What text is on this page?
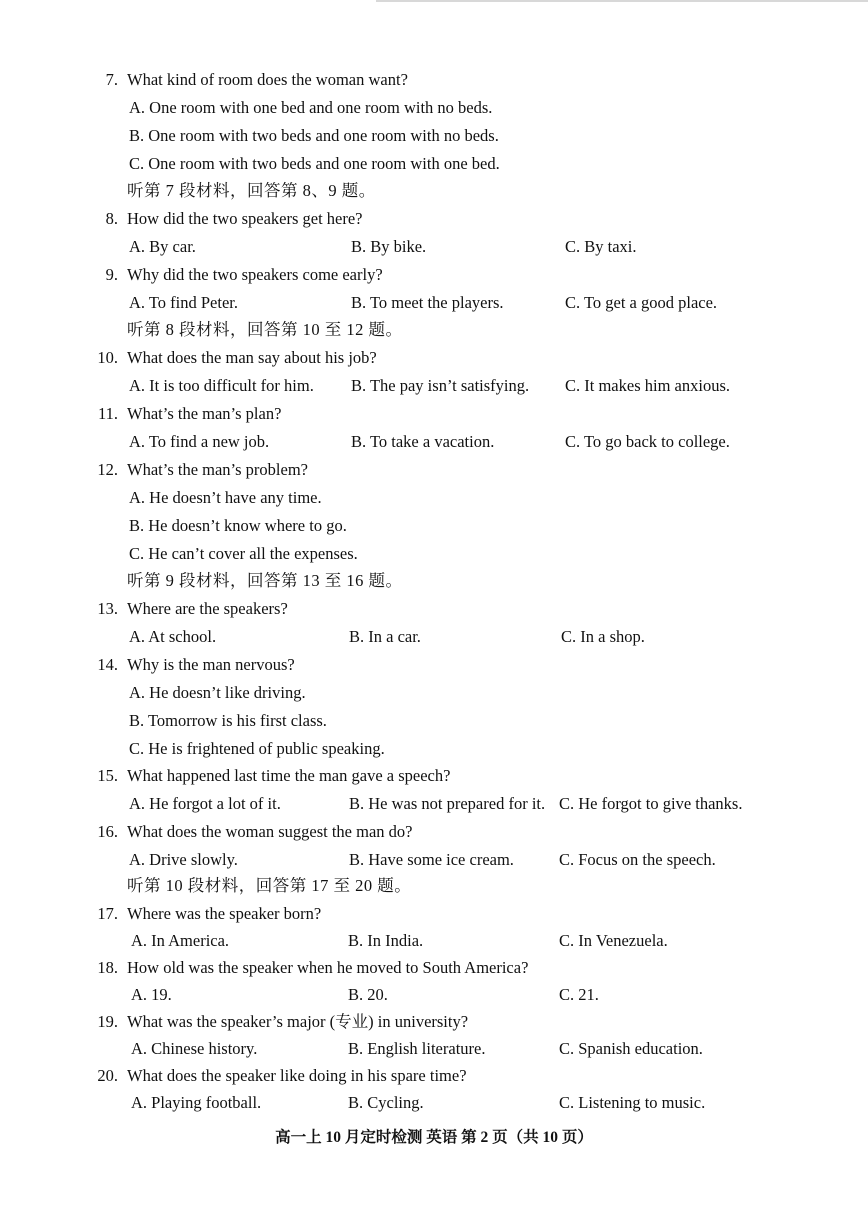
7. What kind of room does the woman want?
A. One room with one bed and one room with no beds.
B. One room with two beds and one room with no beds.
C. One room with two beds and one room with one bed.
听第 7 段材料，回答第 8、9 题。
8. How did the two speakers get here?
A. By car.	B. By bike.	C. By taxi.
9. Why did the two speakers come early?
A. To find Peter.	B. To meet the players.	C. To get a good place.
听第 8 段材料，回答第 10 至 12 题。
10. What does the man say about his job?
A. It is too difficult for him. B. The pay isn’t satisfying. C. It makes him anxious.
11. What’s the man’s plan?
A. To find a new job.	B. To take a vacation.	C. To go back to college.
12. What’s the man’s problem?
A. He doesn’t have any time.
B. He doesn’t know where to go.
C. He can’t cover all the expenses.
听第 9 段材料，回答第 13 至 16 题。
13. Where are the speakers?
A. At school.	B. In a car.	C. In a shop.
14. Why is the man nervous?
A. He doesn’t like driving.
B. Tomorrow is his first class.
C. He is frightened of public speaking.
15. What happened last time the man gave a speech?
A. He forgot a lot of it.	B. He was not prepared for it. C. He forgot to give thanks.
16. What does the woman suggest the man do?
A. Drive slowly.	B. Have some ice cream.	C. Focus on the speech.
听第 10 段材料，回答第 17 至 20 题。
17. Where was the speaker born?
A. In America.	B. In India.	C. In Venezuela.
18. How old was the speaker when he moved to South America?
A. 19.	B. 20.	C. 21.
19. What was the speaker’s major (专业) in university?
A. Chinese history.	B. English literature.	C. Spanish education.
20. What does the speaker like doing in his spare time?
A. Playing football.	B. Cycling.	C. Listening to music.
高一上 10 月定时检测 英语 第 2 页（共 10 页）
